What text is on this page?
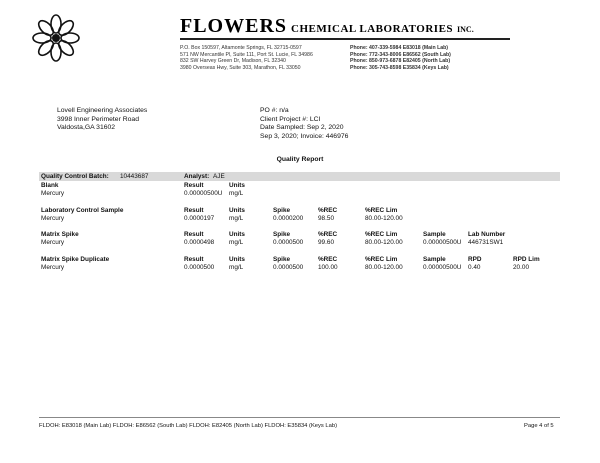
FLOWERS CHEMICAL LABORATORIES INC.
P.O. Box 150597, Altamonte Springs, FL 32715-0597
571 NW Mercantile Pl, Suite 111, Port St. Lucie, FL 34986
832 SW Harvey Green Dr, Madison, FL 32340
3980 Overseas Hwy, Suite 303, Marathon, FL 33050
Phone: 407-339-5984 E83018 (Main Lab)
Phone: 772-343-8006 E86562 (South Lab)
Phone: 850-973-6878 E82405 (North Lab)
Phone: 305-743-8598 E35834 (Keys Lab)
Lovell Engineering Associates
3998 Inner Perimeter Road
Valdosta,GA 31602
PO #: n/a
Client Project #: LCI
Date Sampled: Sep 2, 2020
Sep 3, 2020; Invoice: 446976
Quality Report
Quality Control Batch: 10443687	Analyst: AJE
Blank	Result	Units
Mercury	0.00000500U mg/L
Laboratory Control Sample	Result	Units	Spike	%REC	%REC Lim
Mercury	0.0000197 mg/L	0.0000200 98.50	80.00-120.00
Matrix Spike	Result	Units	Spike	%REC	%REC Lim	Sample	Lab Number
Mercury	0.0000498 mg/L	0.0000500 99.60	80.00-120.00	0.00000500U 446731SW1
Matrix Spike Duplicate	Result	Units	Spike	%REC	%REC Lim	Sample	RPD	RPD Lim
Mercury	0.0000500 mg/L	0.0000500 100.00	80.00-120.00	0.00000500U 0.40	20.00
FLDOH: E83018 (Main Lab) FLDOH: E86562 (South Lab) FLDOH: E82405 (North Lab) FLDOH: E35834 (Keys Lab)	Page 4 of 5
